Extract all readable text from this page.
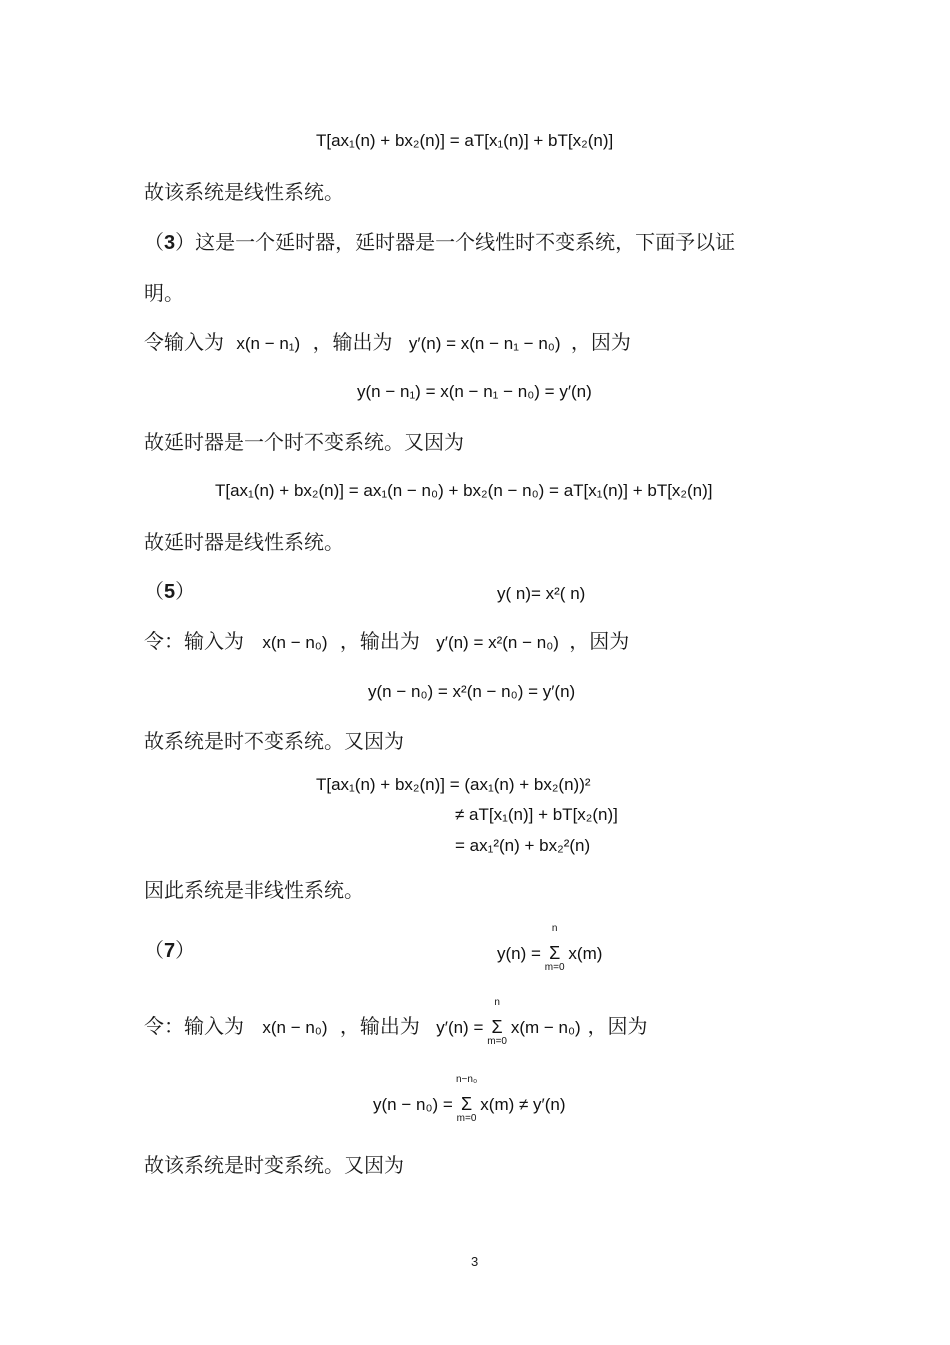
T[ax₁(n) + bx₂(n)] = aT[x₁(n)] + bT[x₂(n)]
故该系统是线性系统。
（3）这是一个延时器，延时器是一个线性时不变系统，下面予以证
明。
令输入为 x(n − n₁) ，输出为 y′(n) = x(n − n₁ − n₀) ，因为
y(n − n₁) = x(n − n₁ − n₀) = y′(n)
故延时器是一个时不变系统。又因为
T[ax₁(n) + bx₂(n)] = ax₁(n − n₀) + bx₂(n − n₀) = aT[x₁(n)] + bT[x₂(n)]
故延时器是线性系统。
（5）	y( n)= x²( n)
令：输入为 x(n − n₀) ，输出为 y′(n) = x²(n − n₀) ，因为
y(n − n₀) = x²(n − n₀) = y′(n)
故系统是时不变系统。又因为
T[ax₁(n) + bx₂(n)] = (ax₁(n) + bx₂(n))²
≠ aT[x₁(n)] + bT[x₂(n)]
= ax₁²(n) + bx₂²(n)
因此系统是非线性系统。
（7）	y(n) = Σ
n
m=0
x(m)
令：输入为 x(n − n₀) ，输出为 y′(n) = Σ
n
m=0
x(m − n₀) ，因为
y(n − n₀) = Σ
n−n₀
m=0
x(m) ≠ y′(n)
故该系统是时变系统。又因为
3
